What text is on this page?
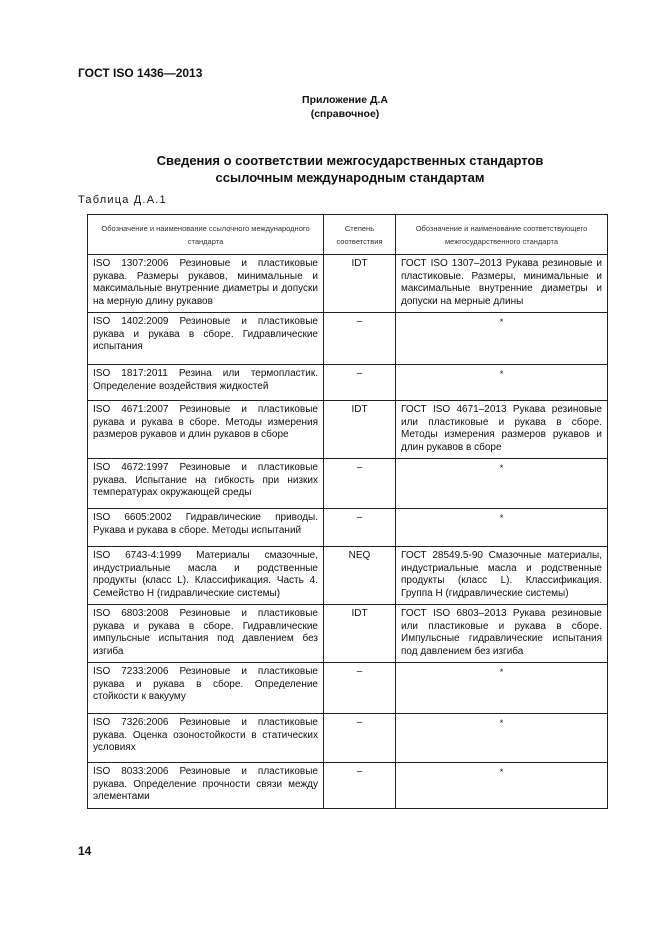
ГОСТ ISO 1436—2013
Приложение Д.А
(справочное)
Сведения о соответствии межгосударственных стандартов
ссылочным международным стандартам
Таблица Д.А.1
Обозначение и наименование ссылочного международного стандарта	Степень соответствия	Обозначение и наименование соответствующего межгосударственного стандарта
ISO 1307:2006 Резиновые и пластиковые рукава. Размеры рукавов, минимальные и максимальные внутренние диаметры и допуски на мерную длину рукавов	IDT	ГОСТ ISO 1307–2013 Рукава резиновые и пластиковые. Размеры, минимальные и максимальные внутренние диаметры и допуски на мерные длины
ISO 1402:2009 Резиновые и пластиковые рукава и рукава в сборе. Гидравлические испытания	–	*
ISO 1817:2011 Резина или термопластик. Определение воздействия жидкостей	–	*
ISO 4671:2007 Резиновые и пластиковые рукава и рукава в сборе. Методы измерения размеров рукавов и длин рукавов в сборе	IDT	ГОСТ ISO 4671–2013 Рукава резиновые или пластиковые и рукава в сборе. Методы измерения размеров рукавов и длин рукавов в сборе
ISO 4672:1997 Резиновые и пластиковые рукава. Испытание на гибкость при низких температурах окружающей среды	–	*
ISO 6605:2002 Гидравлические приводы. Рукава и рукава в сборе. Методы испытаний	–	*
ISO 6743-4:1999 Материалы смазочные, индустриальные масла и родственные продукты (класс L). Классификация. Часть 4. Семейство H (гидравлические системы)	NEQ	ГОСТ 28549.5-90 Смазочные материалы, индустриальные масла и родственные продукты (класс L). Классификация. Группа H (гидравлические системы)
ISO 6803:2008 Резиновые и пластиковые рукава и рукава в сборе. Гидравлические импульсные испытания под давлением без изгиба	IDT	ГОСТ ISO 6803–2013 Рукава резиновые или пластиковые и рукава в сборе. Импульсные гидравлические испытания под давлением без изгиба
ISO 7233:2006 Резиновые и пластиковые рукава и рукава в сборе. Определение стойкости к вакууму	–	*
ISO 7326:2006 Резиновые и пластиковые рукава. Оценка озоностойкости в статических условиях	–	*
ISO 8033:2006 Резиновые и пластиковые рукава. Определение прочности связи между элементами	–	*
14
